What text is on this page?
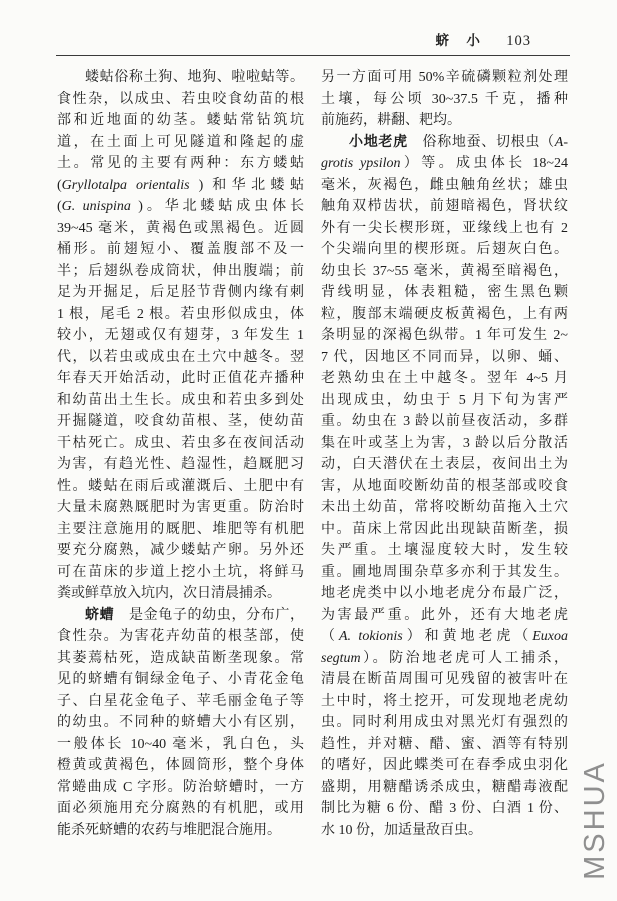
蛴 小 103
蝼蛄俗称土狗、地狗、啦啦蛄等。
食性杂，以成虫、若虫咬食幼苗的根
部和近地面的幼茎。蝼蛄常钻筑坑
道，在土面上可见隧道和隆起的虚
土。常见的主要有两种：东方蝼蛄
(Gryllotalpa orientalis ) 和华北蝼蛄
(G. unispina )。华北蝼蛄成虫体长
39~45 毫米，黄褐色或黑褐色。近圆
桶形。前翅短小、覆盖腹部不及一
半；后翅纵卷成筒状，伸出腹端；前
足为开掘足，后足胫节背侧内缘有刺
1 根，尾毛 2 根。若虫形似成虫，体
较小，无翅或仅有翅芽，3 年发生 1
代，以若虫或成虫在土穴中越冬。翌
年春天开始活动，此时正值花卉播种
和幼苗出土生长。成虫和若虫多到处
开掘隧道，咬食幼苗根、茎，使幼苗
干枯死亡。成虫、若虫多在夜间活动
为害，有趋光性、趋湿性，趋厩肥习
性。蝼蛄在雨后或灌溉后、土肥中有
大量未腐熟厩肥时为害更重。防治时
主要注意施用的厩肥、堆肥等有机肥
要充分腐熟，减少蝼蛄产卵。另外还
可在苗床的步道上挖小土坑，将鲜马
粪或鲜草放入坑内，次日清晨捕杀。
蛴螬　是金龟子的幼虫，分布广，
食性杂。为害花卉幼苗的根茎部，使
其萎蔫枯死，造成缺苗断垄现象。常
见的蛴螬有铜绿金龟子、小青花金龟
子、白星花金龟子、苹毛丽金龟子等
的幼虫。不同种的蛴螬大小有区别，
一般体长 10~40 毫米，乳白色，头
橙黄或黄褐色，体圆筒形，整个身体
常蜷曲成 C 字形。防治蛴螬时，一方
面必须施用充分腐熟的有机肥，或用
能杀死蛴螬的农药与堆肥混合施用。
另一方面可用 50%辛硫磷颗粒剂处理
土壤，每公顷 30~37.5 千克，播种
前施药，耕翻、耙均。
小地老虎　俗称地蚕、切根虫（A-
grotis ypsilon）等。成虫体长 18~24
毫米，灰褐色，雌虫触角丝状；雄虫
触角双栉齿状，前翅暗褐色，肾状纹
外有一尖长楔形斑，亚缘线上也有 2
个尖端向里的楔形斑。后翅灰白色。
幼虫长 37~55 毫米，黄褐至暗褐色，
背线明显，体表粗糙，密生黑色颗
粒，腹部末端硬皮板黄褐色，上有两
条明显的深褐色纵带。1 年可发生 2~
7 代，因地区不同而异，以卵、蛹、
老熟幼虫在土中越冬。翌年 4~5 月
出现成虫，幼虫于 5 月下旬为害严
重。幼虫在 3 龄以前昼夜活动，多群
集在叶或茎上为害，3 龄以后分散活
动，白天潜伏在土表层，夜间出土为
害，从地面咬断幼苗的根茎部或咬食
未出土幼苗，常将咬断幼苗拖入土穴
中。苗床上常因此出现缺苗断垄，损
失严重。土壤湿度较大时，发生较
重。圃地周围杂草多亦利于其发生。
地老虎类中以小地老虎分布最广泛，
为害最严重。此外，还有大地老虎
（A. tokionis）和黄地老虎（Euxoa
segtum）。防治地老虎可人工捕杀，
清晨在断苗周围可见残留的被害叶在
土中时，将土挖开，可发现地老虎幼
虫。同时利用成虫对黑光灯有强烈的
趋性，并对糖、醋、蜜、酒等有特别
的嗜好，因此蝶类可在春季成虫羽化
盛期，用糖醋诱杀成虫，糖醋毒液配
制比为糖 6 份、醋 3 份、白酒 1 份、
水 10 份，加适量敌百虫。	MSHUA
